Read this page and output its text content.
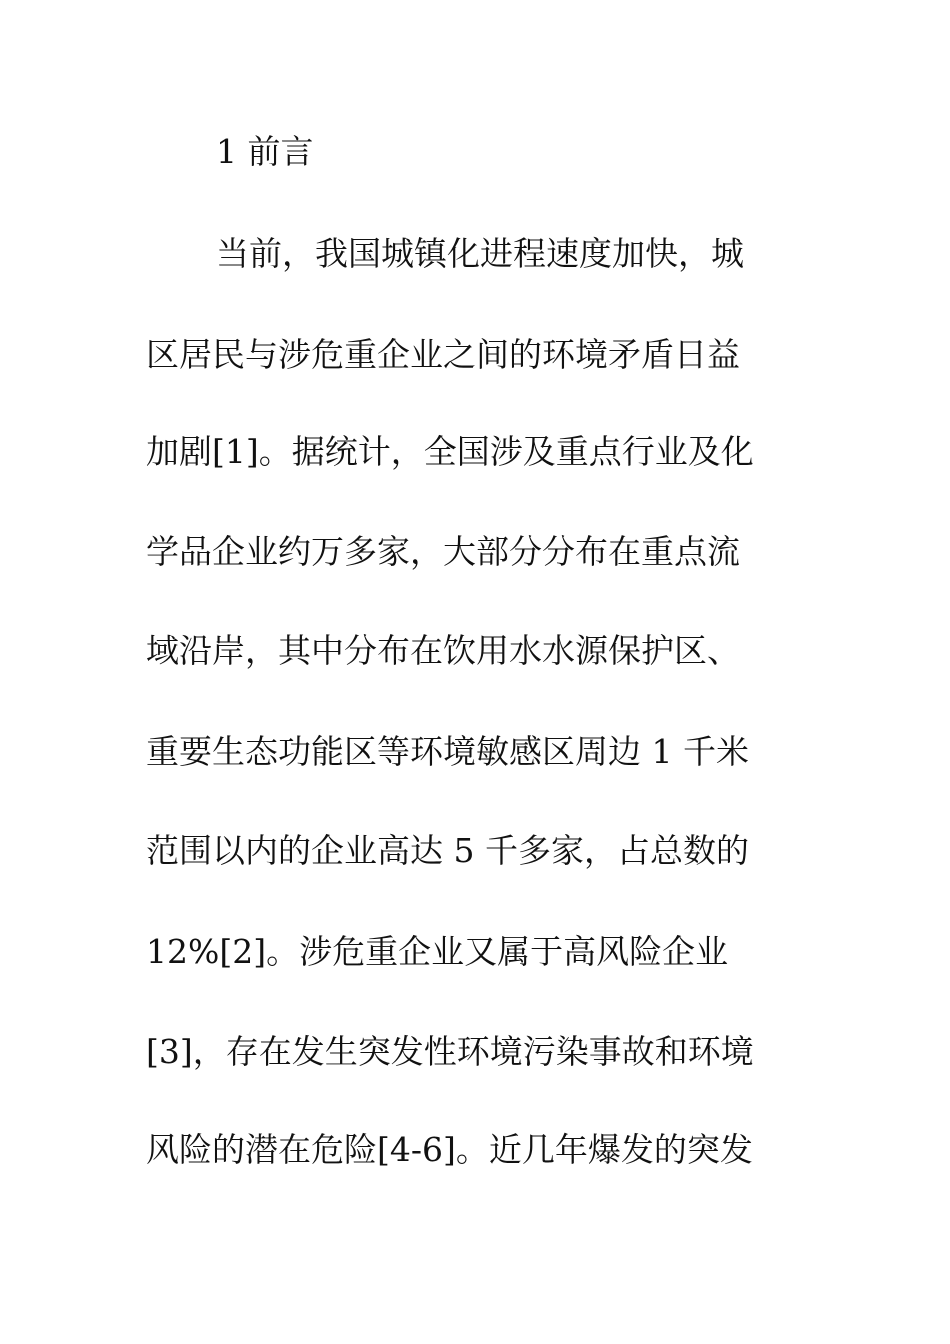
1 前言
当前，我国城镇化进程速度加快，城
区居民与涉危重企业之间的环境矛盾日益
加剧[1]。据统计，全国涉及重点行业及化
学品企业约万多家，大部分分布在重点流
域沿岸，其中分布在饮用水水源保护区、
重要生态功能区等环境敏感区周边 1 千米
范围以内的企业高达 5 千多家，占总数的
12%[2]。涉危重企业又属于高风险企业
[3]，存在发生突发性环境污染事故和环境
风险的潜在危险[4-6]。近几年爆发的突发
